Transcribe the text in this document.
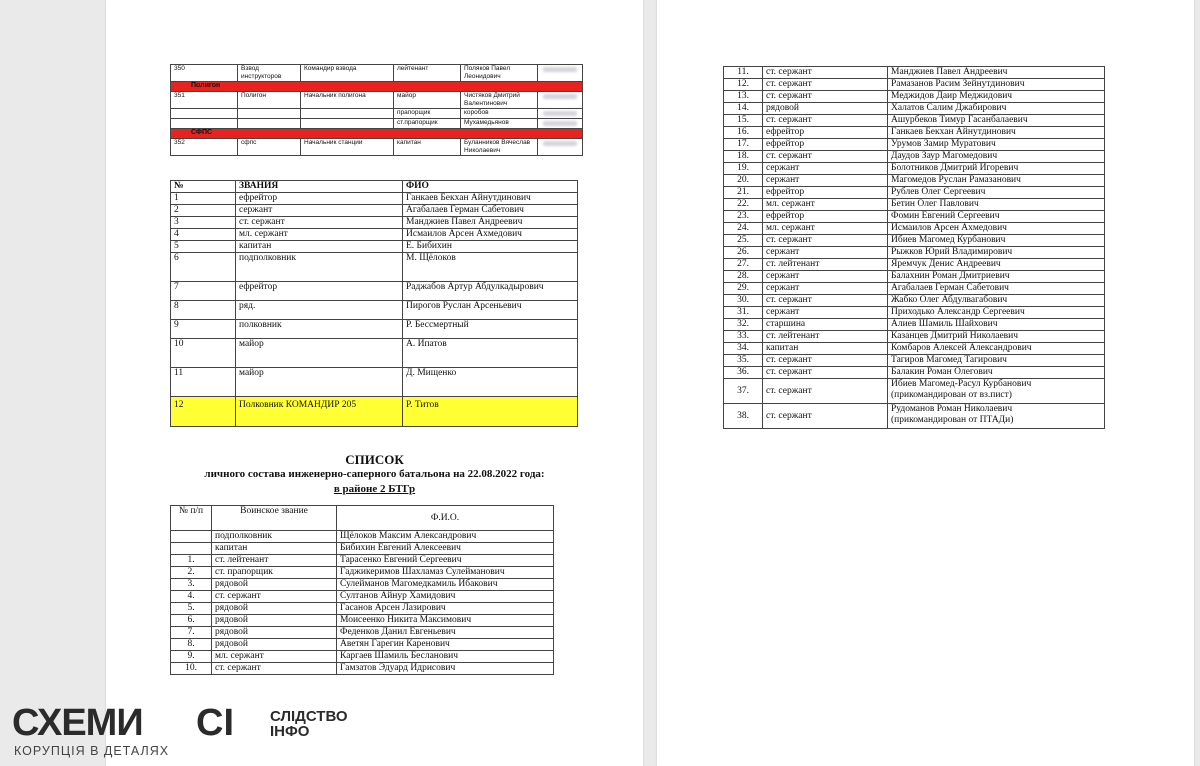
350	Взвод инструкторов	Командир взвода	лейтенант	Поляков Павел Леонидович	

Полигон					
351	Полигон	Начальник полигона	майор	Чистяков Дмитрий Валентинович	

			прапорщик	коробов	

			ст.прапорщик	Мухамедьянов	

СФПС					
352	сфпс	Начальник станции	капитан	Буланников Вячеслав Николаевич	
№	ЗВАНИЯ	ФИО
1	ефрейтор	Ганкаев Бекхан Айнутдинович
2	сержант	Агабалаев Герман Сабетович
3	ст. сержант	Манджиев Павел Андреевич
4	мл. сержант	Исмаилов Арсен Ахмедович
5	капитан	Е. Бибихин
6	подполковник	М. Щёлоков
7	ефрейтор	Раджабов Артур Абдулкадырович
8	ряд.	Пирогов Руслан Арсеньевич
9	полковник	Р. Бессмертный
10	майор	А. Ипатов
11	майор	Д. Мищенко
12	Полковник КОМАНДИР 205	Р. Титов
СПИСОК
личного состава инженерно-саперного батальона на 22.08.2022 года:
в районе 2 БТГр
№ п/п	Воинское звание	Ф.И.О.
	подполковник	Щёлоков Максим Александрович
	капитан	Бибихин Евгений Алексеевич
1.	ст. лейтенант	Тарасенко Евгений Сергеевич
2.	ст. прапорщик	Гаджикеримов Шахламаз Сулейманович
3.	рядовой	Сулейманов Магомедкамиль Ибакович
4.	ст. сержант	Султанов Айнур Хамидович
5.	рядовой	Гасанов Арсен Лазирович
6.	рядовой	Моисеенко Никита Максимович
7.	рядовой	Феденков Данил Евгеньевич
8.	рядовой	Аветян Гарегин Каренович
9.	мл. сержант	Каргаев Шамиль Бесланович
10.	ст. сержант	Гамзатов Эдуард Идрисович
11.	ст. сержант	Манджиев Павел Андреевич
12.	ст. сержант	Рамазанов Расим Зейнутдинович
13.	ст. сержант	Меджидов Даир Меджидович
14.	рядовой	Халатов Салим Джабирович
15.	ст. сержант	Ашурбеков Тимур Гасанбалаевич
16.	ефрейтор	Ганкаев Бекхан Айнутдинович
17.	ефрейтор	Урумов Замир Муратович
18.	ст. сержант	Даудов Заур Магомедович
19.	сержант	Болотников Дмитрий Игоревич
20.	сержант	Магомедов Руслан Рамазанович
21.	ефрейтор	Рублев Олег Сергеевич
22.	мл. сержант	Бетин Олег Павлович
23.	ефрейтор	Фомин Евгений Сергеевич
24.	мл. сержант	Исмаилов Арсен Ахмедович
25.	ст. сержант	Ибиев Магомед Курбанович
26.	сержант	Рыжков Юрий Владимирович
27.	ст. лейтенант	Яремчук Денис Андреевич
28.	сержант	Балахнин Роман Дмитриевич
29.	сержант	Агабалаев Герман Сабетович
30.	ст. сержант	Жабко Олег Абдулвагабович
31.	сержант	Приходько Александр Сергеевич
32.	старшина	Алиев Шамиль Шайхович
33.	ст. лейтенант	Казанцев Дмитрий Николаевич
34.	капитан	Комбаров Алексей Александрович
35.	ст. сержант	Тагиров Магомед Тагирович
36.	ст. сержант	Балакин Роман Олегович
37.	ст. сержант	Ибиев Магомед-Расул Курбанович
(прикомандирован от вз.пист)

38.	ст. сержант	Рудоманов Роман Николаевич
(прикомандирован от ПТАДи)
СХЕМИ
КОРУПЦІЯ В ДЕТАЛЯХ
СІ СЛІДСТВО
ІНФО
